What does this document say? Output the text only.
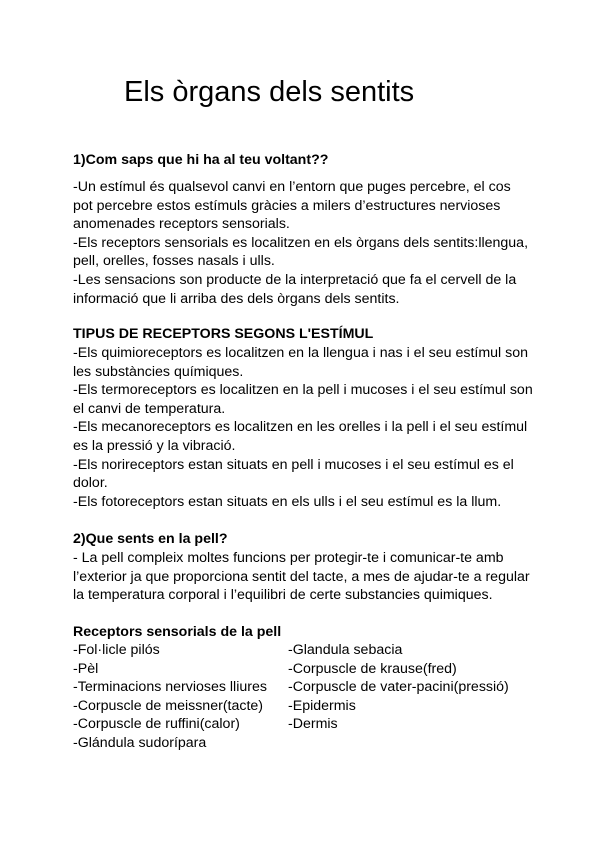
Els òrgans dels sentits

1)Com saps que hi ha al teu voltant??

-Un estímul és qualsevol canvi en l’entorn que puges percebre, el cos pot percebre estos estímuls gràcies a milers d’estructures nervioses anomenades receptors sensorials.

-Els receptors sensorials es localitzen en els òrgans dels sentits:llengua, pell, orelles, fosses nasals i ulls.

-Les sensacions son producte de la interpretació que fa el cervell de la informació que li arriba des dels òrgans dels sentits.

TIPUS DE RECEPTORS SEGONS L'ESTÍMUL

-Els quimioreceptors es localitzen en la llengua i nas i el seu estímul son les substàncies químiques.

-Els termoreceptors es localitzen en la pell i mucoses i el seu estímul son el canvi de temperatura.

-Els mecanoreceptors es localitzen en les orelles i la pell i el seu estímul es la pressió y la vibració.

-Els norireceptors estan situats en pell i mucoses i el seu estímul es el dolor.

-Els fotoreceptors estan situats en els ulls i el seu estímul es la llum.

2)Que sents en la pell?

- La pell compleix moltes funcions per protegir-te i comunicar-te amb l’exterior ja que proporciona sentit del tacte, a mes de ajudar-te a regular la temperatura corporal i l’equilibri de certe substancies quimiques.

Receptors sensorials de la pell

-Fol·licle pilós
-Pèl
-Terminacions nervioses lliures
-Corpuscle de meissner(tacte)
-Corpuscle de ruffini(calor)
-Glándula sudorípara
-Glandula sebacia
-Corpuscle de krause(fred)
-Corpuscle de vater-pacini(pressió)
-Epidermis
-Dermis
